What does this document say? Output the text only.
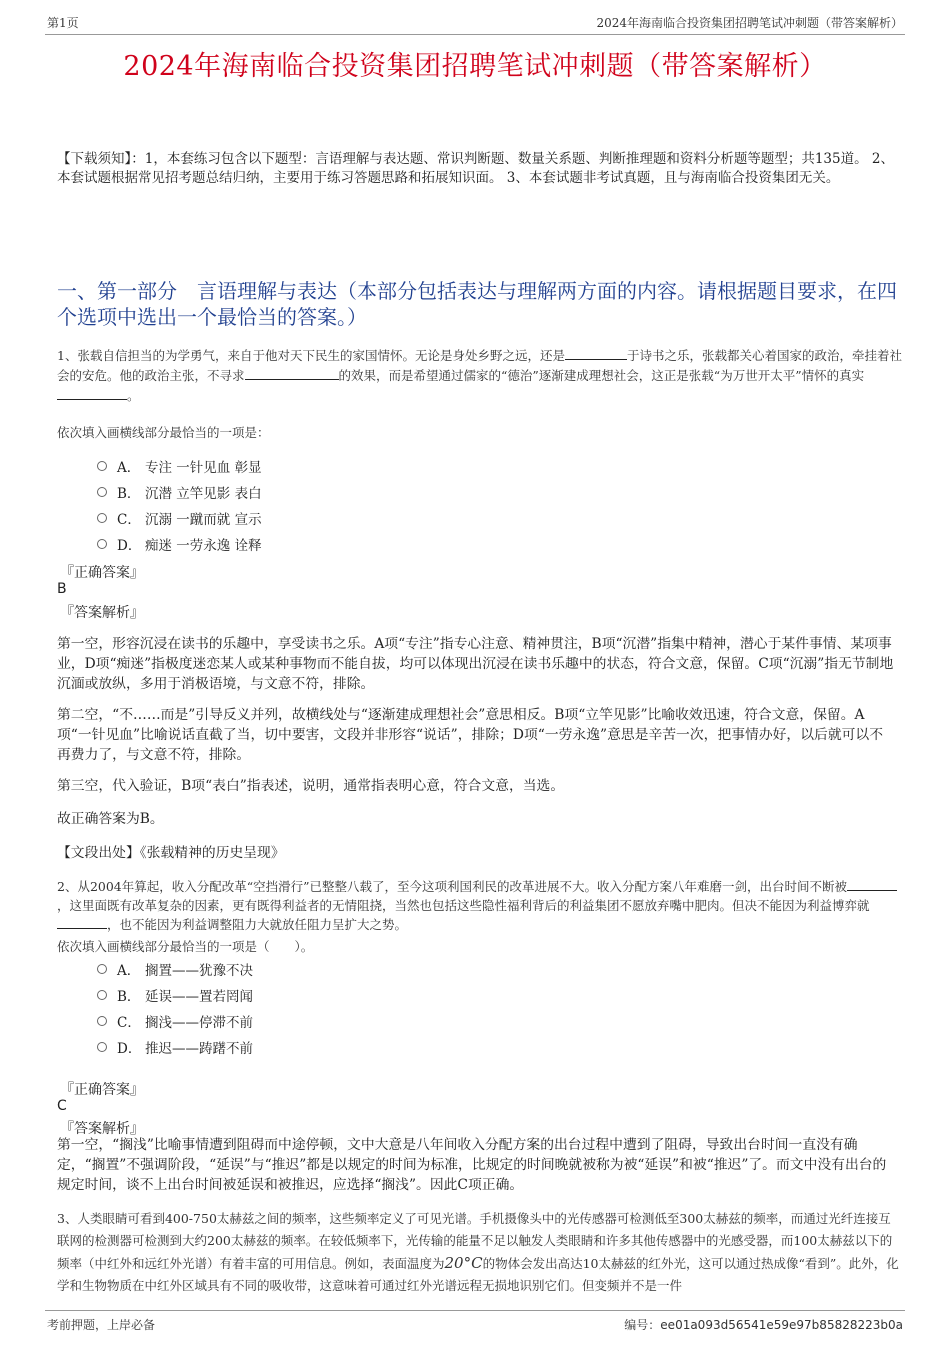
第1页	2024年海南临合投资集团招聘笔试冲刺题（带答案解析）
2024年海南临合投资集团招聘笔试冲刺题（带答案解析）
【下载须知】：1，本套练习包含以下题型：言语理解与表达题、常识判断题、数量关系题、判断推理题和资料分析题等题型；共135道。 2、本套试题根据常见招考题总结归纳，主要用于练习答题思路和拓展知识面。 3、本套试题非考试真题，且与海南临合投资集团无关。
一、第一部分　言语理解与表达（本部分包括表达与理解两方面的内容。请根据题目要求，在四个选项中选出一个最恰当的答案。）
1、张载自信担当的为学勇气，来自于他对天下民生的家国情怀。无论是身处乡野之远，还是	于诗书之乐，张载都关心着国家的政治，牵挂着社会的安危。他的政治主张，不寻求	的效果，而是希望通过儒家的“德治”逐渐建成理想社会，这正是张载“为万世开太平”情怀的真实。
依次填入画横线部分最恰当的一项是：
A． 专注 一针见血 彰显
B． 沉潜 立竿见影 表白
C． 沉溺 一蹴而就 宣示
D． 痴迷 一劳永逸 诠释
『正确答案』
B
『答案解析』
第一空，形容沉浸在读书的乐趣中，享受读书之乐。A项“专注”指专心注意、精神贯注，B项“沉潜”指集中精神，潜心于某件事情、某项事业，D项“痴迷”指极度迷恋某人或某种事物而不能自拔，均可以体现出沉浸在读书乐趣中的状态，符合文意，保留。C项“沉溺”指无节制地沉湎或放纵，多用于消极语境，与文意不符，排除。
第二空，“不……而是”引导反义并列，故横线处与“逐渐建成理想社会”意思相反。B项“立竿见影”比喻收效迅速，符合文意，保留。A项“一针见血”比喻说话直截了当，切中要害，文段并非形容“说话”，排除；D项“一劳永逸”意思是辛苦一次，把事情办好，以后就可以不再费力了，与文意不符，排除。
第三空，代入验证，B项“表白”指表述，说明，通常指表明心意，符合文意，当选。
故正确答案为B。
【文段出处】《张载精神的历史呈现》
2、从2004年算起，收入分配改革“空挡滑行”已整整八载了，至今这项利国利民的改革进展不大。收入分配方案八年难磨一剑，出台时间不断被，这里面既有改革复杂的因素，更有既得利益者的无情阻挠，当然也包括这些隐性福利背后的利益集团不愿放弃嘴中肥肉。但决不能因为利益博弈就，也不能因为利益调整阻力大就放任阻力呈扩大之势。
依次填入画横线部分最恰当的一项是（　　）。
A． 搁置——犹豫不决
B． 延误——置若罔闻
C． 搁浅——停滞不前
D． 推迟——踌躇不前
『正确答案』
C
『答案解析』
第一空，“搁浅”比喻事情遭到阻碍而中途停顿，文中大意是八年间收入分配方案的出台过程中遭到了阻碍，导致出台时间一直没有确定，“搁置”不强调阶段，“延误”与“推迟”都是以规定的时间为标准，比规定的时间晚就被称为被“延误”和被“推迟”了。而文中没有出台的规定时间，谈不上出台时间被延误和被推迟，应选择“搁浅”。因此C项正确。
3、人类眼睛可看到400-750太赫兹之间的频率，这些频率定义了可见光谱。手机摄像头中的光传感器可检测低至300太赫兹的频率，而通过光纤连接互联网的检测器可检测到大约200太赫兹的频率。在较低频率下，光传输的能量不足以触发人类眼睛和许多其他传感器中的光感受器，而100太赫兹以下的频率（中红外和远红外光谱）有着丰富的可用信息。例如，表面温度为20°C的物体会发出高达10太赫兹的红外光，这可以通过热成像“看到”。此外，化学和生物物质在中红外区域具有不同的吸收带，这意味着可通过红外光谱远程无损地识别它们。但变频并不是一件
考前押题，上岸必备	编号：ee01a093d56541e59e97b85828223b0a
